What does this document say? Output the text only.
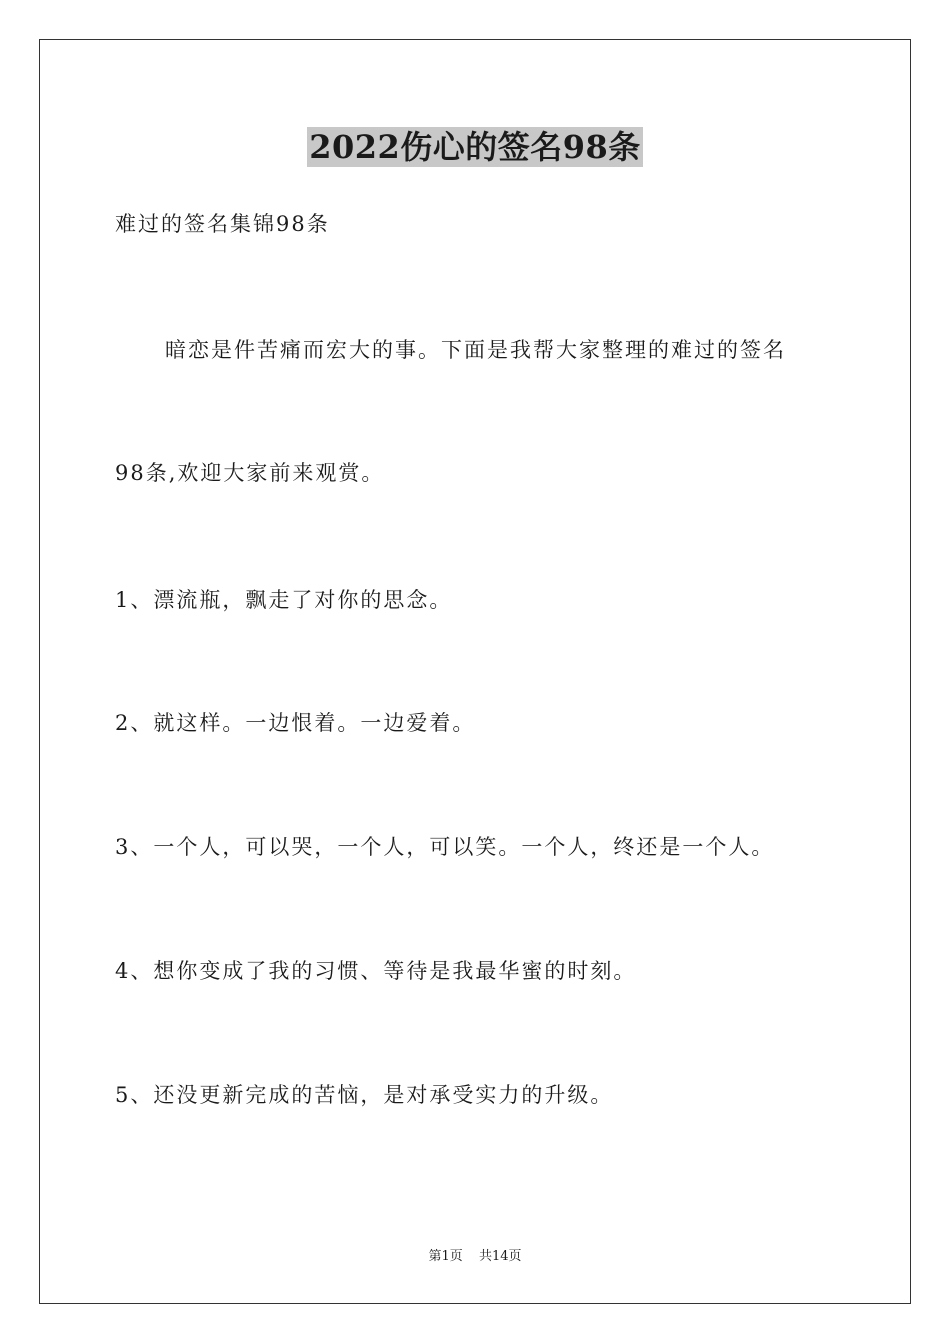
2022伤心的签名98条
难过的签名集锦98条
暗恋是件苦痛而宏大的事。下面是我帮大家整理的难过的签名
98条,欢迎大家前来观赏。
1、漂流瓶，飘走了对你的思念。
2、就这样。一边恨着。一边爱着。
3、一个人，可以哭，一个人，可以笑。一个人，终还是一个人。
4、想你变成了我的习惯、等待是我最华蜜的时刻。
5、还没更新完成的苦恼，是对承受实力的升级。
第1页 共14页
